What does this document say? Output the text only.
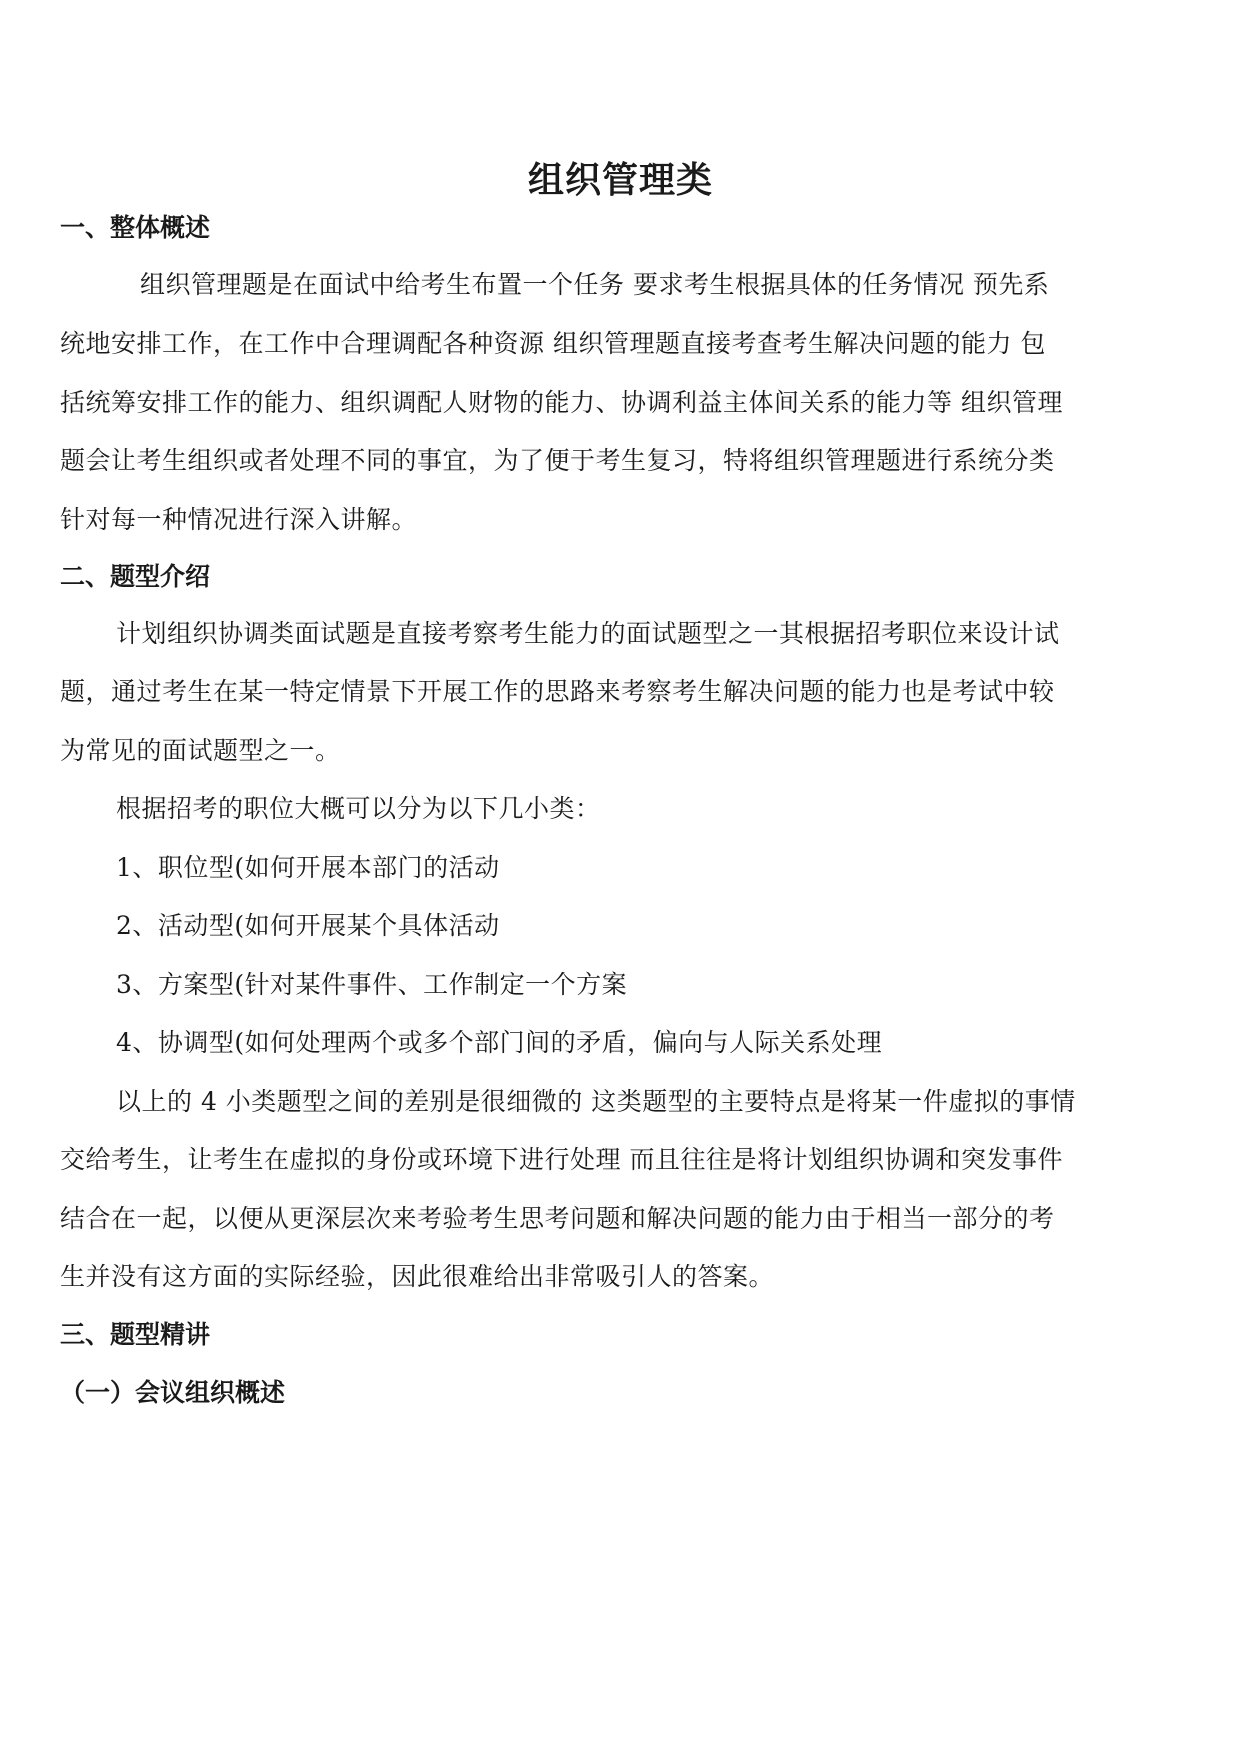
组织管理类
一、整体概述
组织管理题是在面试中给考生布置一个任务 要求考生根据具体的任务情况 预先系
统地安排工作，在工作中合理调配各种资源 组织管理题直接考查考生解决问题的能力 包
括统筹安排工作的能力、组织调配人财物的能力、协调利益主体间关系的能力等 组织管理
题会让考生组织或者处理不同的事宜，为了便于考生复习，特将组织管理题进行系统分类
针对每一种情况进行深入讲解。
二、题型介绍
计划组织协调类面试题是直接考察考生能力的面试题型之一其根据招考职位来设计试
题，通过考生在某一特定情景下开展工作的思路来考察考生解决问题的能力也是考试中较
为常见的面试题型之一。
根据招考的职位大概可以分为以下几小类：
1、职位型(如何开展本部门的活动
2、活动型(如何开展某个具体活动
3、方案型(针对某件事件、工作制定一个方案
4、协调型(如何处理两个或多个部门间的矛盾，偏向与人际关系处理
以上的 4 小类题型之间的差别是很细微的 这类题型的主要特点是将某一件虚拟的事情
交给考生，让考生在虚拟的身份或环境下进行处理 而且往往是将计划组织协调和突发事件
结合在一起，以便从更深层次来考验考生思考问题和解决问题的能力由于相当一部分的考
生并没有这方面的实际经验，因此很难给出非常吸引人的答案。
三、题型精讲
（一）会议组织概述
